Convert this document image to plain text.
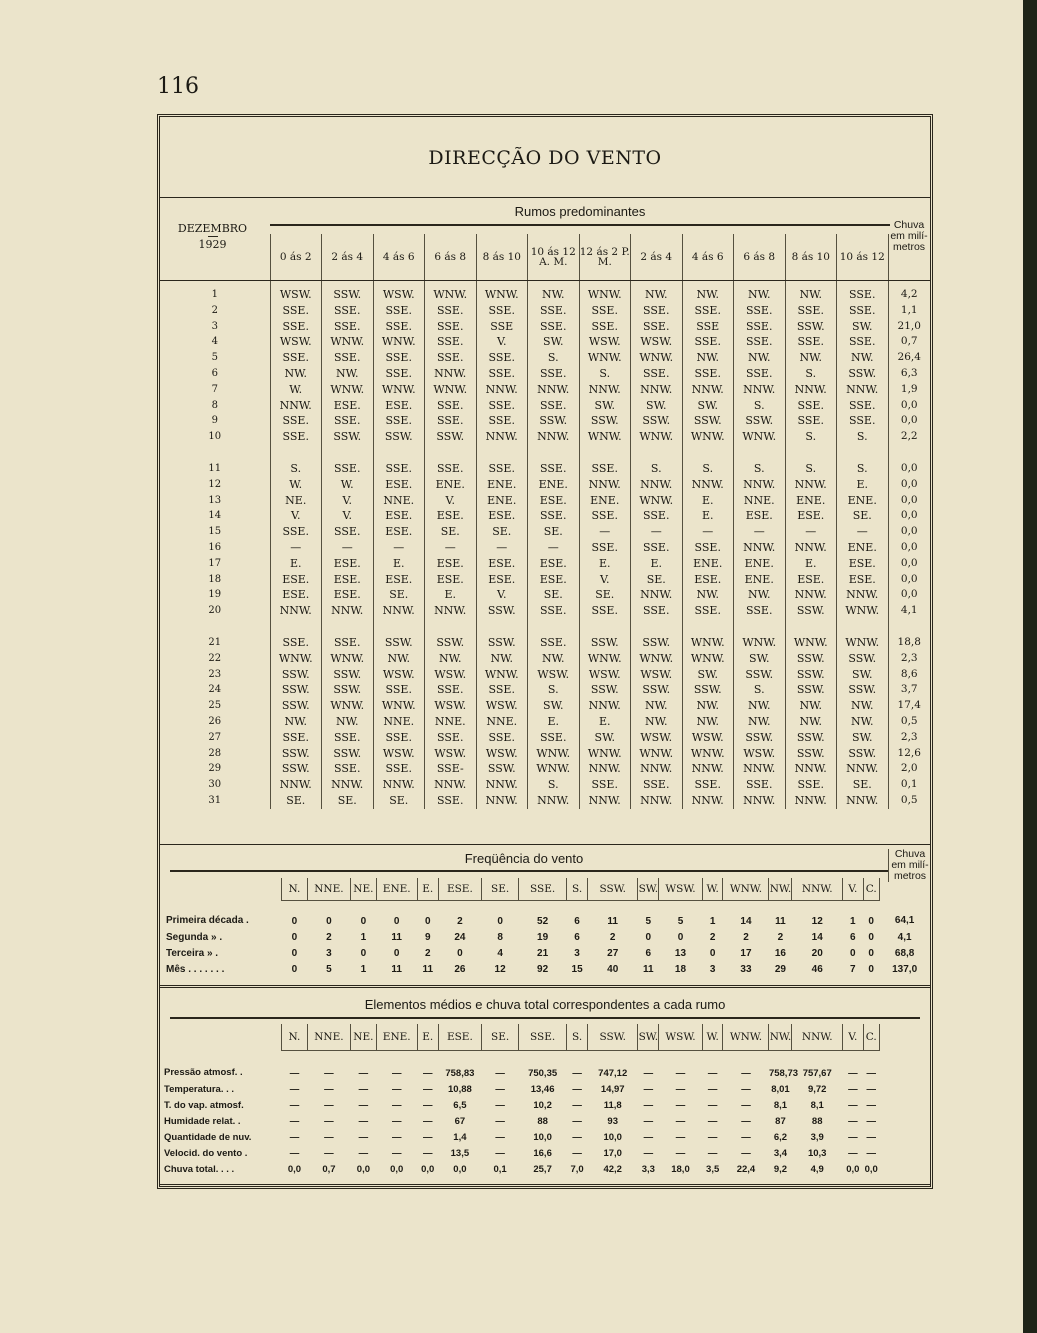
116
DIRECÇÃO DO VENTO
Rumos predominantes
DEZEMBRO
1929
Chuva em milí- metros
	0 ás 2	2 ás 4	4 ás 6	6 ás 8	8 ás 10	10 ás 12 A. M.	12 ás 2 P. M.	2 ás 4	4 ás 6	6 ás 8	8 ás 10	10 ás 12	
1	WSW.	SSW.	WSW.	WNW.	WNW.	NW.	WNW.	NW.	NW.	NW.	NW.	SSE.	4,2
2	SSE.	SSE.	SSE.	SSE.	SSE.	SSE.	SSE.	SSE.	SSE.	SSE.	SSE.	SSE.	1,1
3	SSE.	SSE.	SSE.	SSE.	SSE	SSE.	SSE.	SSE.	SSE	SSE.	SSW.	SW.	21,0
4	WSW.	WNW.	WNW.	SSE.	V.	SW.	WSW.	WSW.	SSE.	SSE.	SSE.	SSE.	0,7
5	SSE.	SSE.	SSE.	SSE.	SSE.	S.	WNW.	WNW.	NW.	NW.	NW.	NW.	26,4
6	NW.	NW.	SSE.	NNW.	SSE.	SSE.	S.	SSE.	SSE.	SSE.	S.	SSW.	6,3
7	W.	WNW.	WNW.	WNW.	NNW.	NNW.	NNW.	NNW.	NNW.	NNW.	NNW.	NNW.	1,9
8	NNW.	ESE.	ESE.	SSE.	SSE.	SSE.	SW.	SW.	SW.	S.	SSE.	SSE.	0,0
9	SSE.	SSE.	SSE.	SSE.	SSE.	SSW.	SSW.	SSW.	SSW.	SSW.	SSE.	SSE.	0,0
10	SSE.	SSW.	SSW.	SSW.	NNW.	NNW.	WNW.	WNW.	WNW.	WNW.	S.	S.	2,2

11	S.	SSE.	SSE.	SSE.	SSE.	SSE.	SSE.	S.	S.	S.	S.	S.	0,0
12	W.	W.	ESE.	ENE.	ENE.	ENE.	NNW.	NNW.	NNW.	NNW.	NNW.	E.	0,0
13	NE.	V.	NNE.	V.	ENE.	ESE.	ENE.	WNW.	E.	NNE.	ENE.	ENE.	0,0
14	V.	V.	ESE.	ESE.	ESE.	SSE.	SSE.	SSE.	E.	ESE.	ESE.	SE.	0,0
15	SSE.	SSE.	ESE.	SE.	SE.	SE.	—	—	—	—	—	—	0,0
16	—	—	—	—	—	—	SSE.	SSE.	SSE.	NNW.	NNW.	ENE.	0,0
17	E.	ESE.	E.	ESE.	ESE.	ESE.	E.	E.	ENE.	ENE.	E.	ESE.	0,0
18	ESE.	ESE.	ESE.	ESE.	ESE.	ESE.	V.	SE.	ESE.	ENE.	ESE.	ESE.	0,0
19	ESE.	ESE.	SE.	E.	V.	SE.	SE.	NNW.	NW.	NW.	NNW.	NNW.	0,0
20	NNW.	NNW.	NNW.	NNW.	SSW.	SSE.	SSE.	SSE.	SSE.	SSE.	SSW.	WNW.	4,1

21	SSE.	SSE.	SSW.	SSW.	SSW.	SSE.	SSW.	SSW.	WNW.	WNW.	WNW.	WNW.	18,8
22	WNW.	WNW.	NW.	NW.	NW.	NW.	WNW.	WNW.	WNW.	SW.	SSW.	SSW.	2,3
23	SSW.	SSW.	WSW.	WSW.	WNW.	WSW.	WSW.	WSW.	SW.	SSW.	SSW.	SW.	8,6
24	SSW.	SSW.	SSE.	SSE.	SSE.	S.	SSW.	SSW.	SSW.	S.	SSW.	SSW.	3,7
25	SSW.	WNW.	WNW.	WSW.	WSW.	SW.	NNW.	NW.	NW.	NW.	NW.	NW.	17,4
26	NW.	NW.	NNE.	NNE.	NNE.	E.	E.	NW.	NW.	NW.	NW.	NW.	0,5
27	SSE.	SSE.	SSE.	SSE.	SSE.	SSE.	SW.	WSW.	WSW.	SSW.	SSW.	SW.	2,3
28	SSW.	SSW.	WSW.	WSW.	WSW.	WNW.	WNW.	WNW.	WNW.	WSW.	SSW.	SSW.	12,6
29	SSW.	SSE.	SSE.	SSE-	SSW.	WNW.	NNW.	NNW.	NNW.	NNW.	NNW.	NNW.	2,0
30	NNW.	NNW.	NNW.	NNW.	NNW.	S.	SSE.	SSE.	SSE.	SSE.	SSE.	SE.	0,1
31	SE.	SE.	SE.	SSE.	NNW.	NNW.	NNW.	NNW.	NNW.	NNW.	NNW.	NNW.	0,5
Freqüência do vento	Chuva em milí- metros
	N.	NNE.	NE.	ENE.	E.	ESE.	SE.	SSE.	S.	SSW.	SW.	WSW.	W.	WNW.	NW.	NNW.	V.	C.	
Primeira década .	0	0	0	0	0	2	0	52	6	11	5	5	1	14	11	12	1	0	64,1
Segunda » .	0	2	1	11	9	24	8	19	6	2	0	0	2	2	2	14	6	0	4,1
Terceira » .	0	3	0	0	2	0	4	21	3	27	6	13	0	17	16	20	0	0	68,8
Mês . . . . . . .	0	5	1	11	11	26	12	92	15	40	11	18	3	33	29	46	7	0	137,0
Elementos médios e chuva total correspondentes a cada rumo
	N.	NNE.	NE.	ENE.	E.	ESE.	SE.	SSE.	S.	SSW.	SW.	WSW.	W.	WNW.	NW.	NNW.	V.	C.
Pressão atmosf. .	—	—	—	—	—	758,83	—	750,35	—	747,12	—	—	—	—	758,73	757,67	—	—
Temperatura. . .	—	—	—	—	—	10,88	—	13,46	—	14,97	—	—	—	—	8,01	9,72	—	—
T. do vap. atmosf.	—	—	—	—	—	6,5	—	10,2	—	11,8	—	—	—	—	8,1	8,1	—	—
Humidade relat. .	—	—	—	—	—	67	—	88	—	93	—	—	—	—	87	88	—	—
Quantidade de nuv.	—	—	—	—	—	1,4	—	10,0	—	10,0	—	—	—	—	6,2	3,9	—	—
Velocid. do vento .	—	—	—	—	—	13,5	—	16,6	—	17,0	—	—	—	—	3,4	10,3	—	—
Chuva total. . . .	0,0	0,7	0,0	0,0	0,0	0,0	0,1	25,7	7,0	42,2	3,3	18,0	3,5	22,4	9,2	4,9	0,0	0,0
